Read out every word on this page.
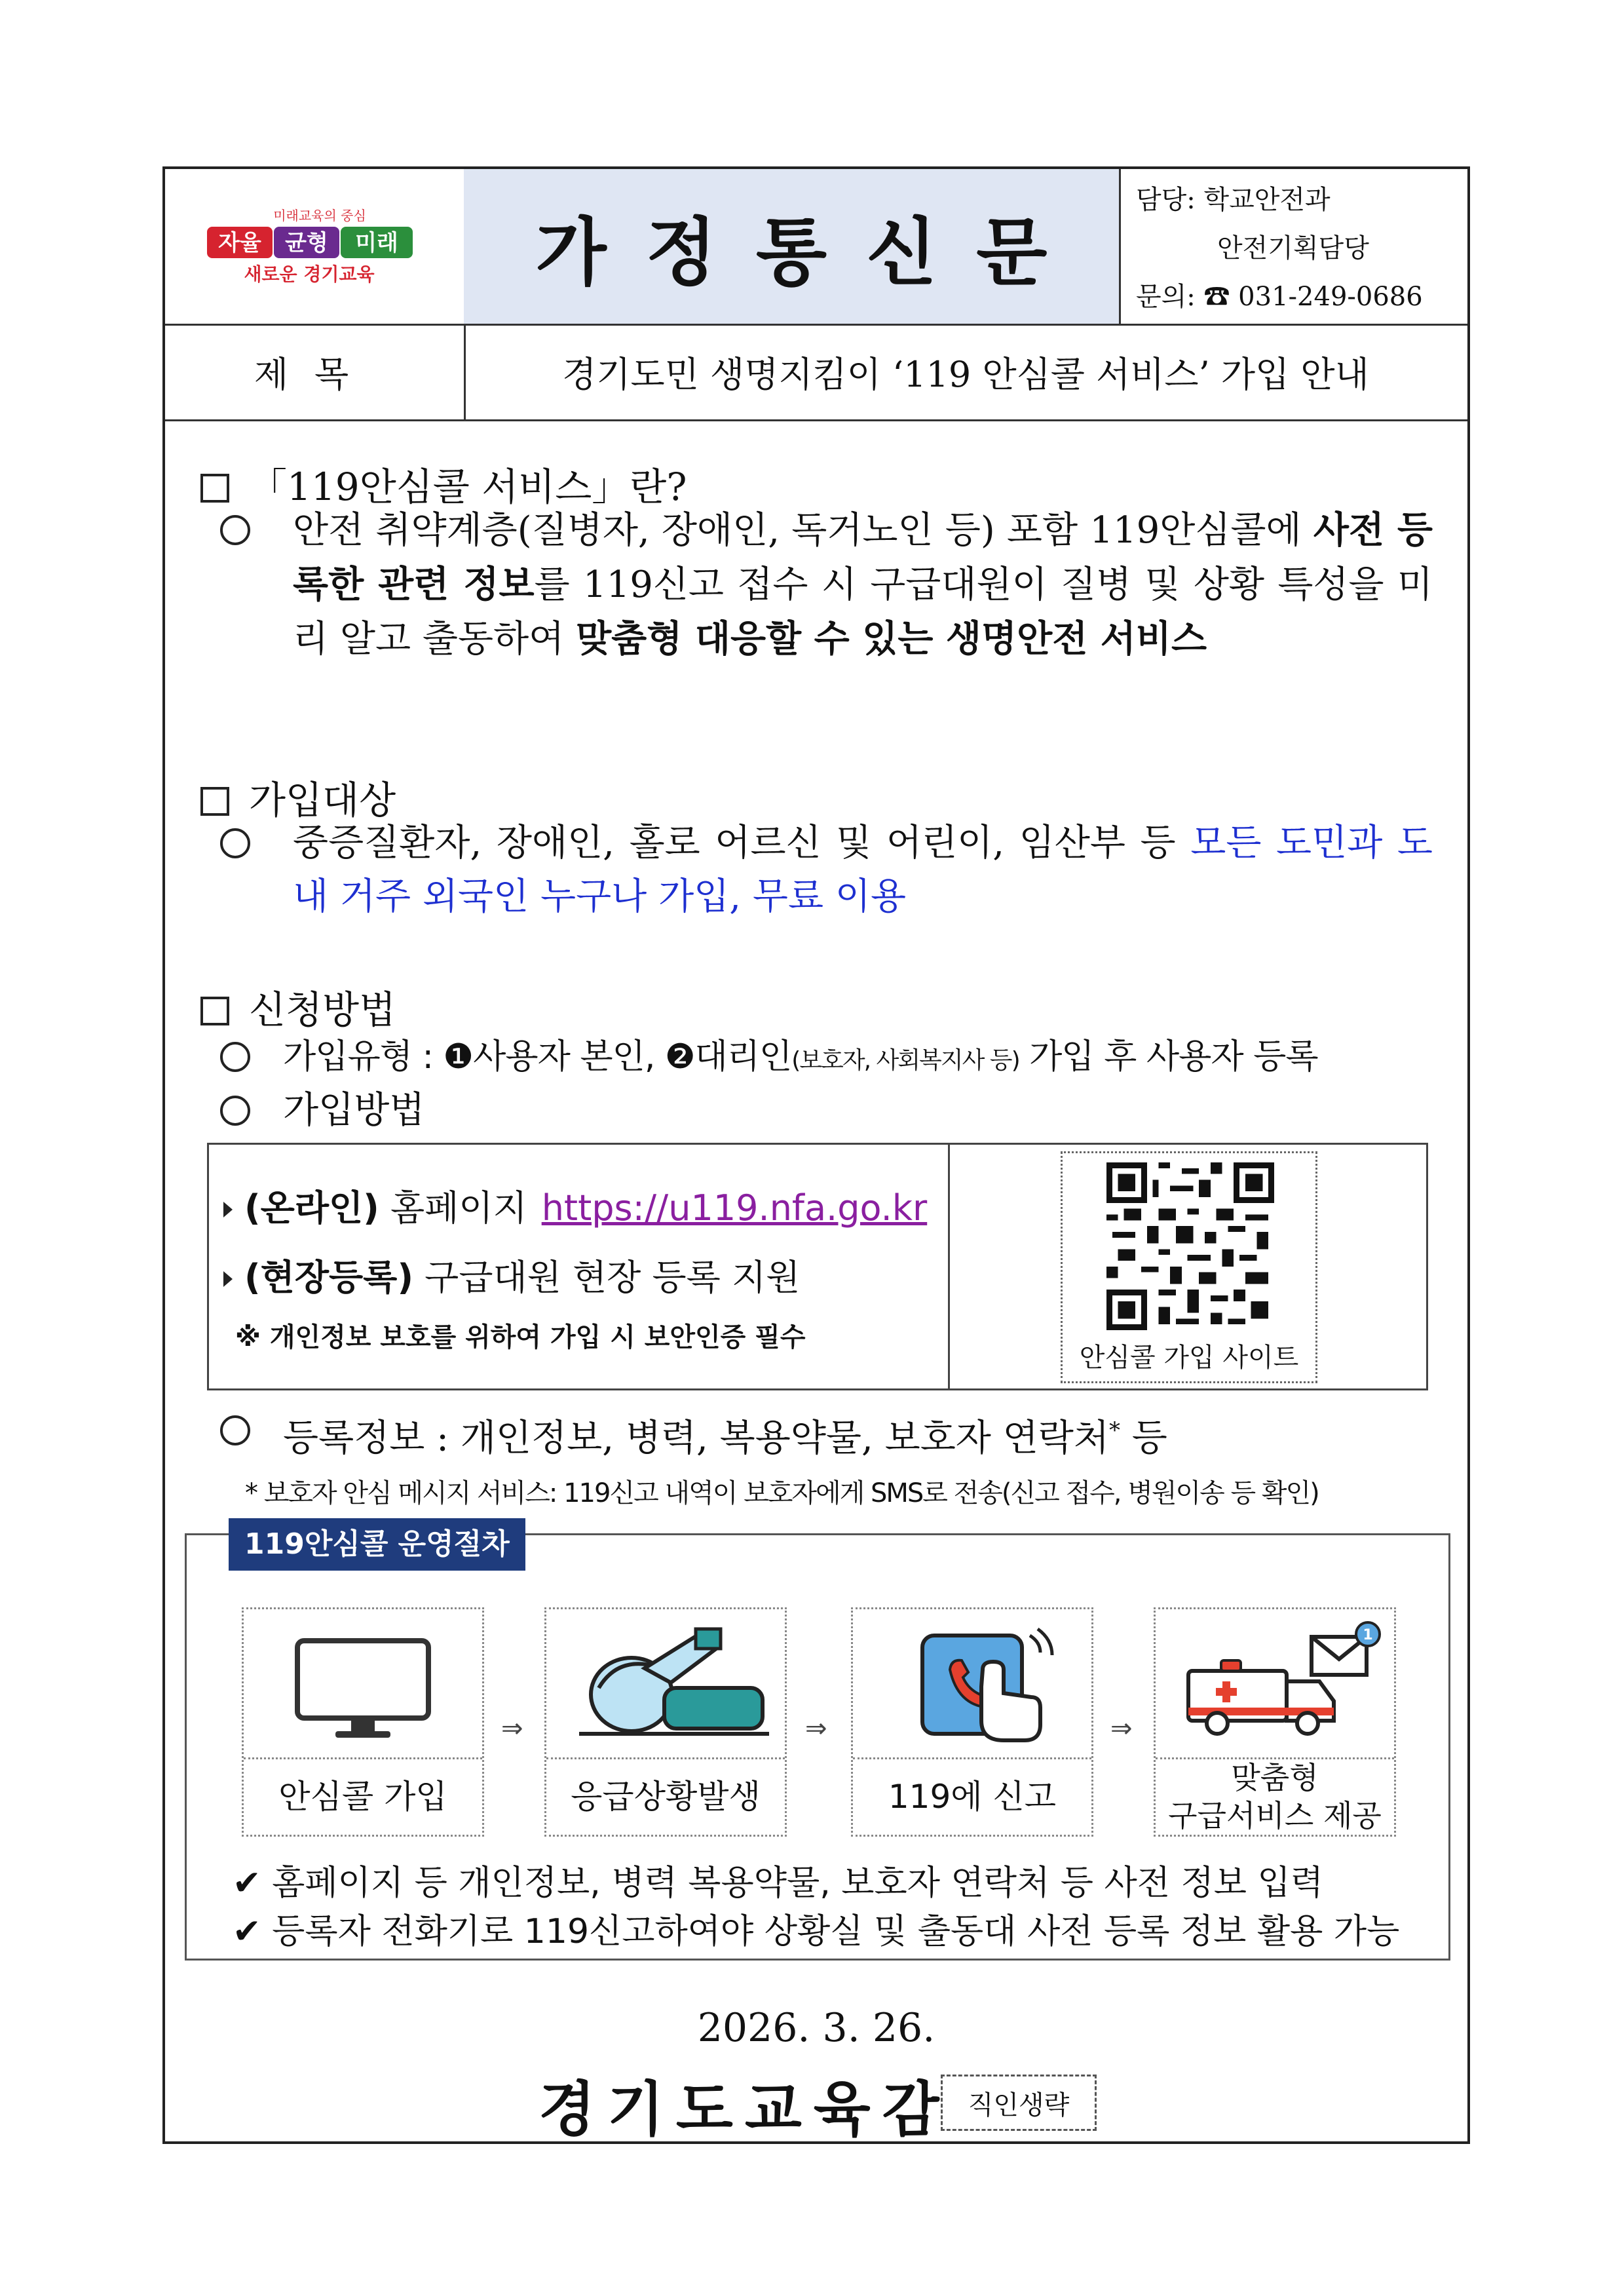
미래교육의 중심
자율 균형 미래
새로운 경기교육	가정통신문
담당: 학교안전과
안전기획담당
문의: ☎ 031-249-0686
제목	경기도민 생명지킴이 ‘119 안심콜 서비스’ 가입 안내
「119안심콜 서비스」란?
안전 취약계층(질병자, 장애인, 독거노인 등) 포함 119안심콜에 사전 등록한 관련 정보를 119신고 접수 시 구급대원이 질병 및 상황 특성을 미리 알고 출동하여 맞춤형 대응할 수 있는 생명안전 서비스
가입대상
중증질환자, 장애인, 홀로 어르신 및 어린이, 임산부 등 모든 도민과 도내 거주 외국인 누구나 가입, 무료 이용
신청방법
가입유형 : ❶사용자 본인, ❷대리인(보호자, 사회복지사 등) 가입 후 사용자 등록
가입방법
(온라인) 홈페이지 https://u119.nfa.go.kr
(현장등록) 구급대원 현장 등록 지원
※ 개인정보 보호를 위하여 가입 시 보안인증 필수
안심콜 가입 사이트
등록정보 : 개인정보, 병력, 복용약물, 보호자 연락처* 등
* 보호자 안심 메시지 서비스: 119신고 내역이 보호자에게 SMS로 전송(신고 접수, 병원이송 등 확인)
119안심콜 운영절차
안심콜 가입
⇒
응급상황발생
⇒
119에 신고
⇒
1
맞춤형
구급서비스 제공
✔ 홈페이지 등 개인정보, 병력 복용약물, 보호자 연락처 등 사전 정보 입력
✔ 등록자 전화기로 119신고하여야 상황실 및 출동대 사전 등록 정보 활용 가능
2026. 3. 26.
경기도교육감 직인생략
